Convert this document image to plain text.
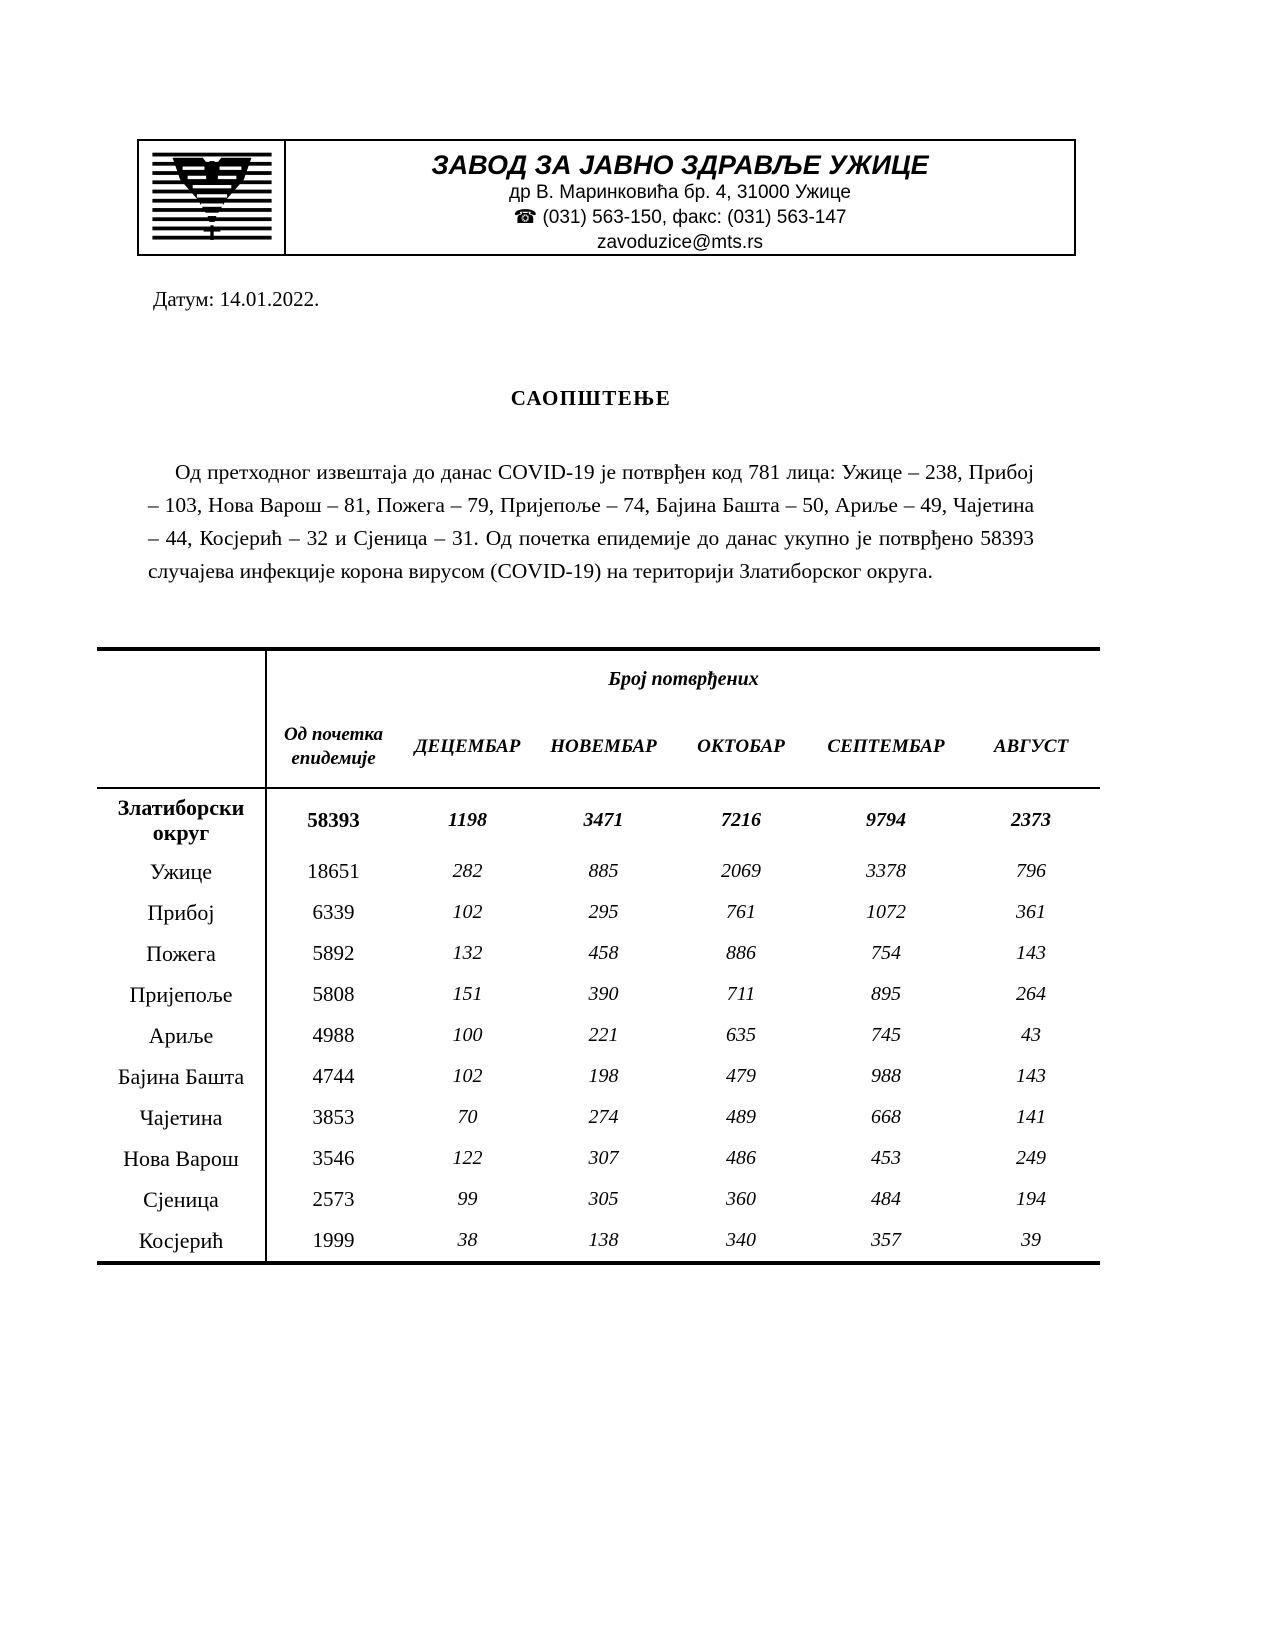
ЗАВОД ЗА ЈАВНО ЗДРАВЉЕ УЖИЦЕ
др В. Маринковића бр. 4, 31000 Ужице
☎ (031) 563-150, факс: (031) 563-147
zavoduzice@mts.rs
Датум: 14.01.2022.
САОПШТЕЊЕ
Од претходног извештаја до данас COVID-19 је потврђен код 781 лица: Ужице – 238, Прибој – 103, Нова Варош – 81, Пожега – 79, Пријепоље – 74, Бајина Башта – 50, Ариље – 49, Чајетина – 44, Косјерић – 32 и Сјеница – 31. Од почетка епидемије до данас укупно је потврђено 58393 случајева инфекције корона вирусом (COVID-19) на територији Златиборског округа.
	Број потврђених					

	Од почетка епидемије	ДЕЦЕМБАР	НОВЕМБАР	ОКТОБАР	СЕПТЕМБАР	АВГУСТ
Златиборски округ	58393	1198	3471	7216	9794	2373
Ужице	18651	282	885	2069	3378	796
Прибој	6339	102	295	761	1072	361
Пожега	5892	132	458	886	754	143
Пријепоље	5808	151	390	711	895	264
Ариље	4988	100	221	635	745	43
Бајина Башта	4744	102	198	479	988	143
Чајетина	3853	70	274	489	668	141
Нова Варош	3546	122	307	486	453	249
Сјеница	2573	99	305	360	484	194
Косјерић	1999	38	138	340	357	39
